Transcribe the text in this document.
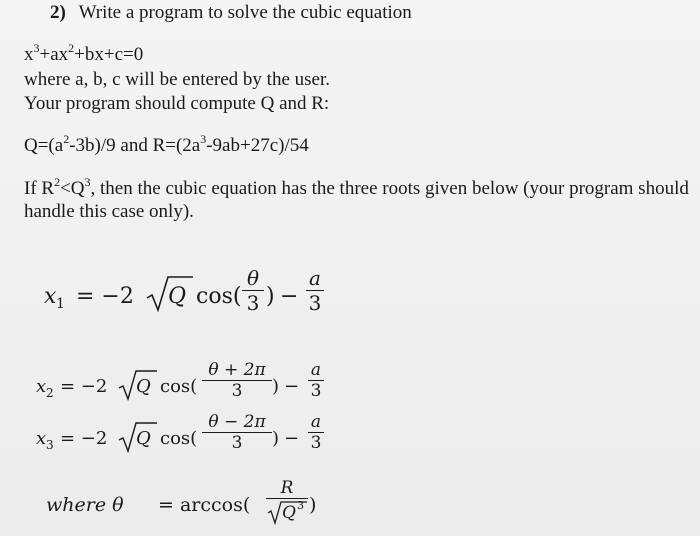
2) Write a program to solve the cubic equation
$x^3+ax^2+bx+c=0$
where a, b, c will be entered by the user.
Your program should compute Q and R:
$Q=(a^2-3b)/9$ and $R=(2a^3-9ab+27c)/54$
If $R^2<Q^3$, then the cubic equation has the three roots given below (your program should
handle this case only).
x 1 = −2 Q cos(
θ
3 ) −
a
3
x 2 = −2 Q cos(
θ + 2π
3	) −
a
3
x 3 = −2 Q cos(
θ − 2π
3	) −
a
3
where θ = arccos(
R
Q 3 )
